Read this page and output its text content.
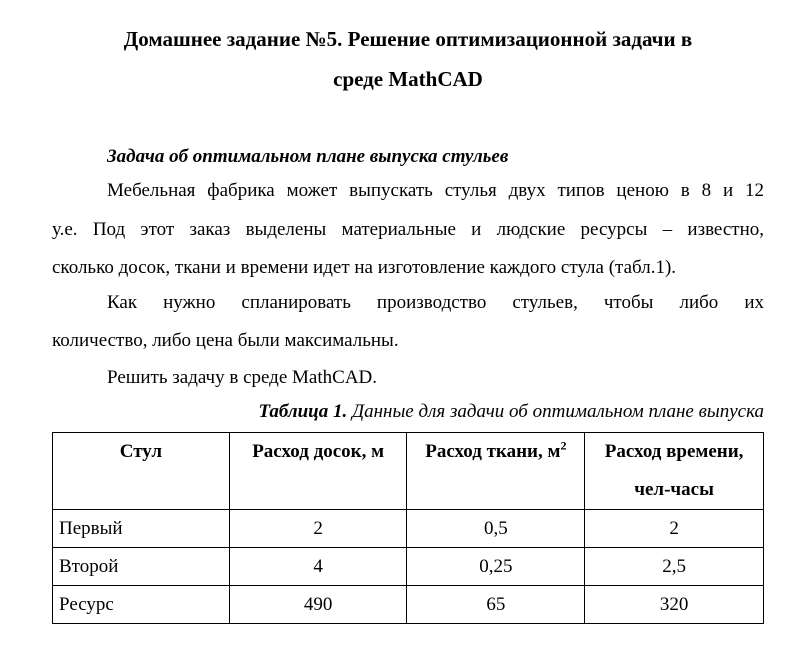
Домашнее задание №5. Решение оптимизационной задачи в

среде MathCAD

Задача об оптимальном плане выпуска стульев

Мебельная фабрика может выпускать стулья двух типов ценою в 8 и 12

у.е. Под этот заказ выделены материальные и людские ресурсы – известно,

сколько досок, ткани и времени идет на изготовление каждого стула (табл.1).

Как нужно спланировать производство стульев, чтобы либо их

количество, либо цена были максимальны.

Решить задачу в среде MathCAD.

Таблица 1. Данные для задачи об оптимальном плане выпуска

Стул	Расход досок, м	Расход ткани, $м^2$	Расход времени,
чел-часы
Первый	2	0,5	2
Второй	4	0,25	2,5
Ресурс	490	65	320
